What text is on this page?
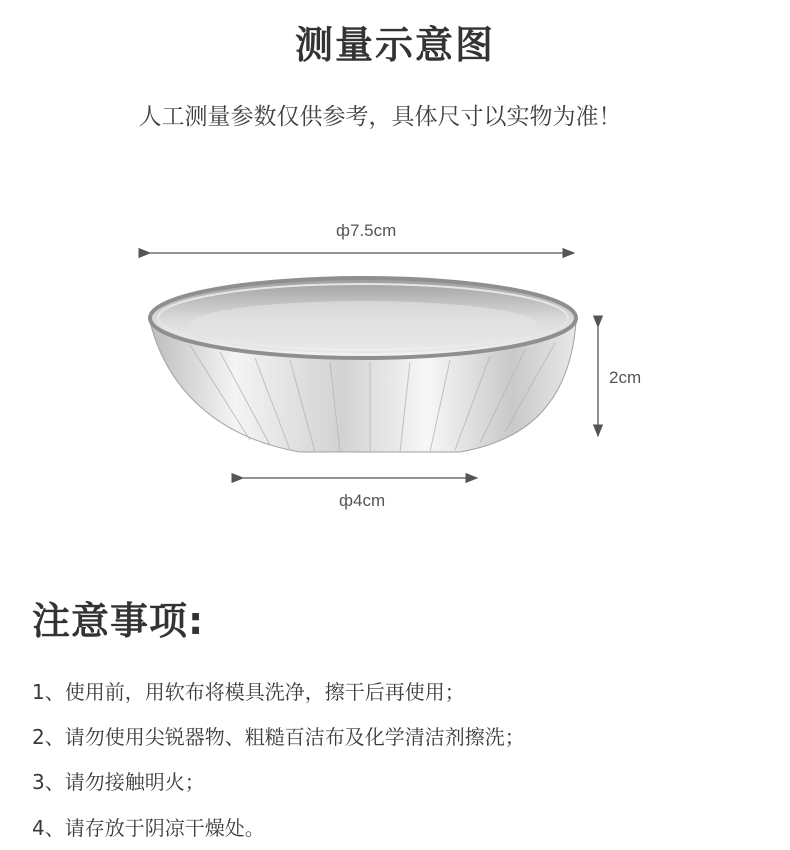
测量示意图
人工测量参数仅供参考，具体尺寸以实物为准！
ф7.5cm
2cm
ф4cm
注意事项:
1、使用前，用软布将模具洗净，擦干后再使用；
2、请勿使用尖锐器物、粗糙百洁布及化学清洁剂擦洗；
3、请勿接触明火；
4、请存放于阴凉干燥处。
